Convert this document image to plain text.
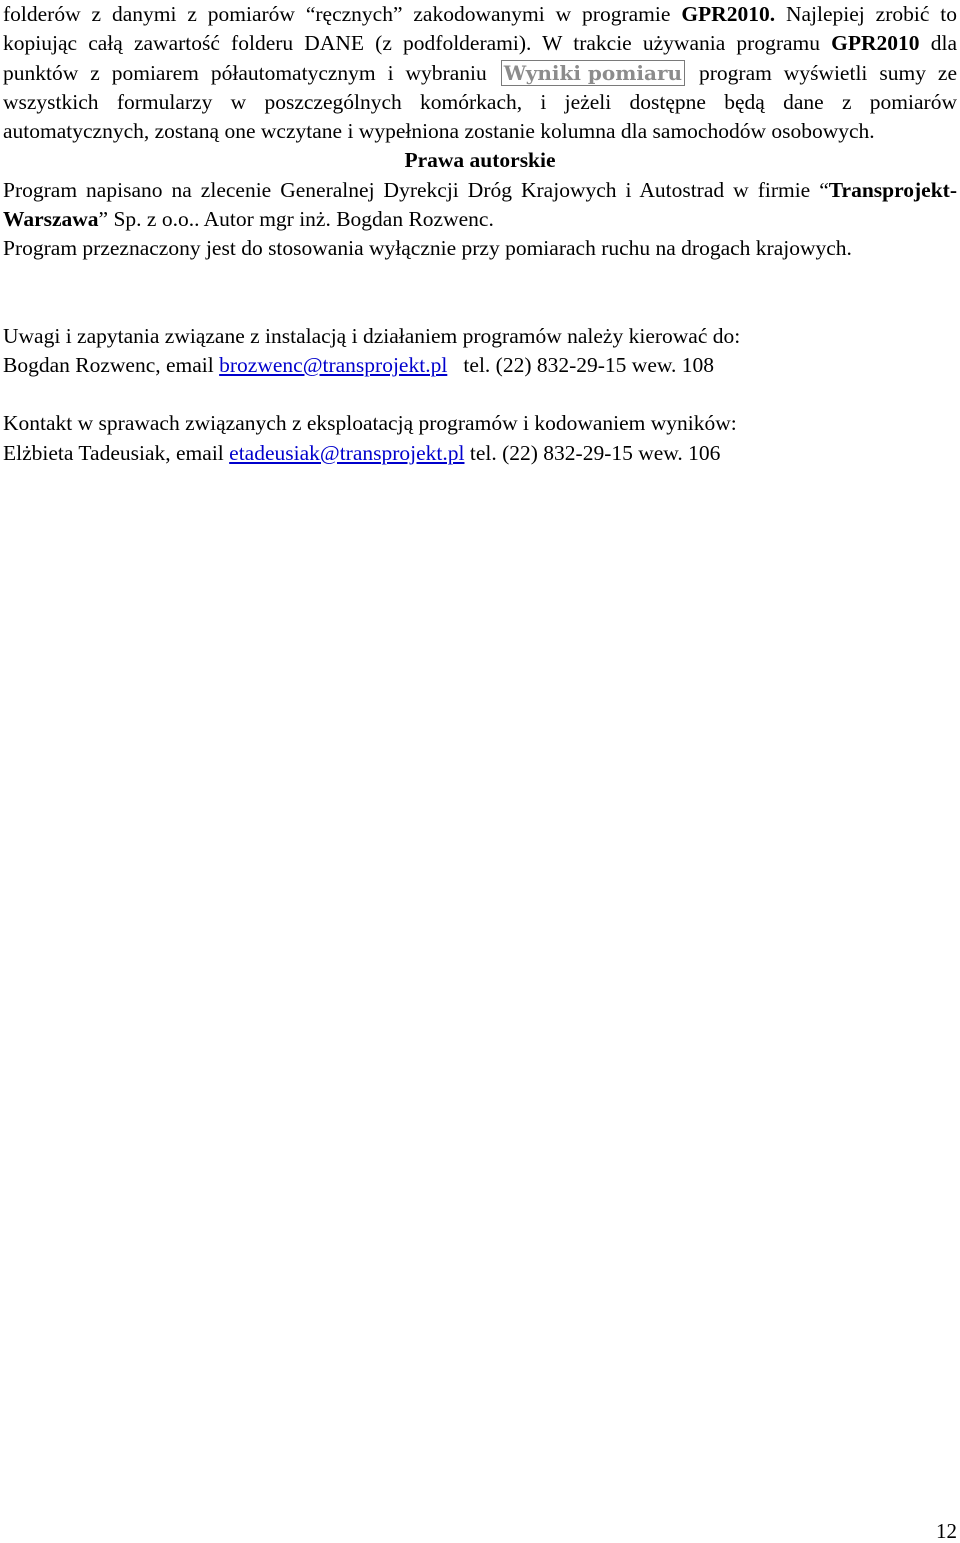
folderów z danymi z pomiarów “ręcznych” zakodowanymi w programie GPR2010. Najlepiej zrobić to kopiując całą zawartość folderu DANE (z podfolderami). W trakcie używania programu GPR2010 dla punktów z pomiarem półautomatycznym i wybraniu Wyniki pomiaru program wyświetli sumy ze wszystkich formularzy w poszczególnych komórkach, i jeżeli dostępne będą dane z pomiarów automatycznych, zostaną one wczytane i wypełniona zostanie kolumna dla samochodów osobowych.

Prawa autorskie

Program napisano na zlecenie Generalnej Dyrekcji Dróg Krajowych i Autostrad w firmie “Transprojekt-Warszawa” Sp. z o.o.. Autor mgr inż. Bogdan Rozwenc.

Program przeznaczony jest do stosowania wyłącznie przy pomiarach ruchu na drogach krajowych.

Uwagi i zapytania związane z instalacją i działaniem programów należy kierować do:
Bogdan Rozwenc, email brozwenc@transprojekt.pl   tel. (22) 832-29-15 wew. 108

Kontakt w sprawach związanych z eksploatacją programów i kodowaniem wyników:
Elżbieta Tadeusiak, email etadeusiak@transprojekt.pl tel. (22) 832-29-15 wew. 106

12
